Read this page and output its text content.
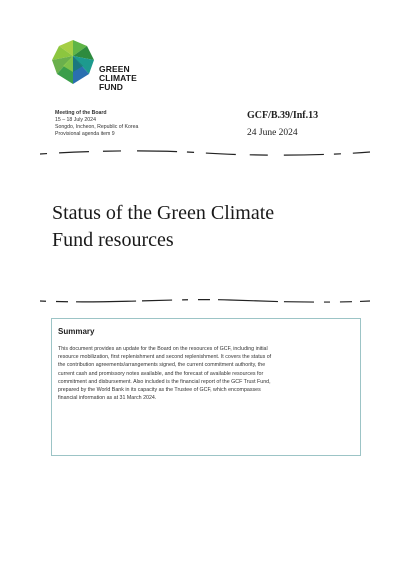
GREEN
CLIMATE
FUND
Meeting of the Board
15 – 18 July 2024
Songdo, Incheon, Republic of Korea
Provisional agenda item 9
GCF/B.39/Inf.13
24 June 2024
Status of the Green Climate
Fund resources
Summary
This document provides an update for the Board on the resources of GCF, including initial
resource mobilization, first replenishment and second replenishment. It covers the status of
the contribution agreements/arrangements signed, the current commitment authority, the
current cash and promissory notes available, and the forecast of available resources for
commitment and disbursement. Also included is the financial report of the GCF Trust Fund,
prepared by the World Bank in its capacity as the Trustee of GCF, which encompasses
financial information as at 31 March 2024.
